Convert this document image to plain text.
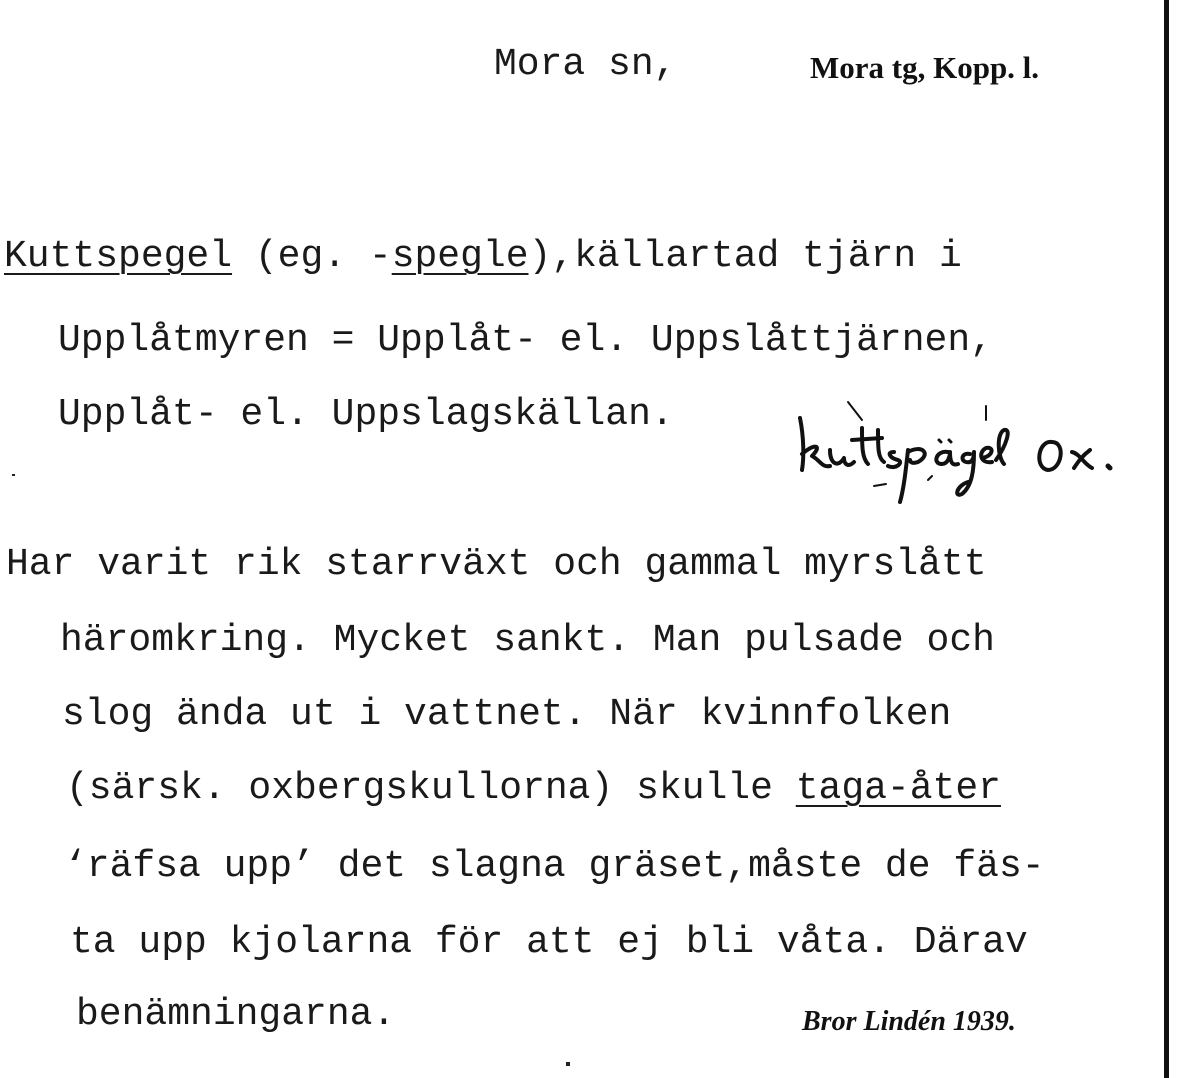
Mora sn,	Mora tg, Kopp. l.
Kuttspegel (eg. -spegle),källartad tjärn i
Upplåtmyren = Upplåt- el. Uppslåttjärnen,
Upplåt- el. Uppslagskällan.
Har varit rik starrväxt och gammal myrslått
häromkring. Mycket sankt. Man pulsade och
slog ända ut i vattnet. När kvinnfolken
(särsk. oxbergskullorna) skulle taga-åter
‘räfsa upp’ det slagna gräset,måste de fäs-
ta upp kjolarna för att ej bli våta. Därav
benämningarna.	Bror Lindén 1939.
